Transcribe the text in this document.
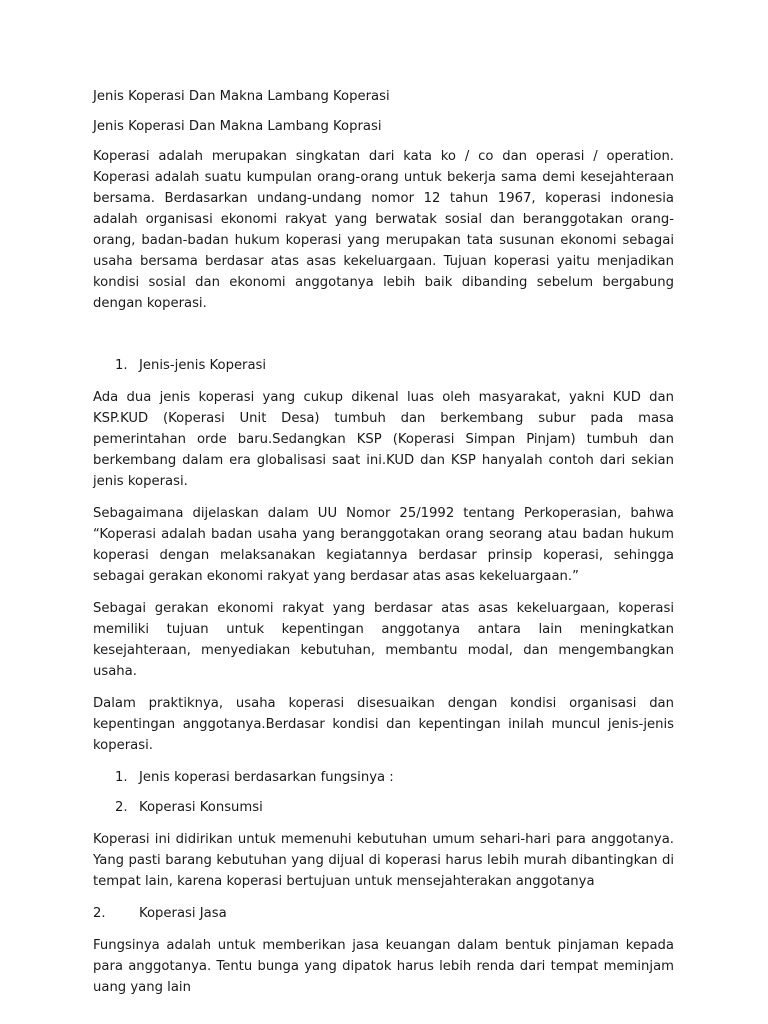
Jenis Koperasi Dan Makna Lambang Koperasi

Jenis Koperasi Dan Makna Lambang Koprasi

Koperasi adalah merupakan singkatan dari kata ko / co dan operasi / operation. Koperasi adalah suatu kumpulan orang-orang untuk bekerja sama demi kesejahteraan bersama. Berdasarkan undang-undang nomor 12 tahun 1967, koperasi indonesia adalah organisasi ekonomi rakyat yang berwatak sosial dan beranggotakan orang-orang, badan-badan hukum koperasi yang merupakan tata susunan ekonomi sebagai usaha bersama berdasar atas asas kekeluargaan. Tujuan koperasi yaitu menjadikan kondisi sosial dan ekonomi anggotanya lebih baik dibanding sebelum bergabung dengan koperasi.

1. Jenis-jenis Koperasi

Ada dua jenis koperasi yang cukup dikenal luas oleh masyarakat, yakni KUD dan KSP.KUD (Koperasi Unit Desa) tumbuh dan berkembang subur pada masa pemerintahan orde baru.Sedangkan KSP (Koperasi Simpan Pinjam) tumbuh dan berkembang dalam era globalisasi saat ini.KUD dan KSP hanyalah contoh dari sekian jenis koperasi.

Sebagaimana dijelaskan dalam UU Nomor 25/1992 tentang Perkoperasian, bahwa “Koperasi adalah badan usaha yang beranggotakan orang seorang atau badan hukum koperasi dengan melaksanakan kegiatannya berdasar prinsip koperasi, sehingga sebagai gerakan ekonomi rakyat yang berdasar atas asas kekeluargaan.”

Sebagai gerakan ekonomi rakyat yang berdasar atas asas kekeluargaan, koperasi memiliki tujuan untuk kepentingan anggotanya antara lain meningkatkan kesejahteraan, menyediakan kebutuhan, membantu modal, dan mengembangkan usaha.

Dalam praktiknya, usaha koperasi disesuaikan dengan kondisi organisasi dan kepentingan anggotanya.Berdasar kondisi dan kepentingan inilah muncul jenis-jenis koperasi.

1. Jenis koperasi berdasarkan fungsinya :
2. Koperasi Konsumsi

Koperasi ini didirikan untuk memenuhi kebutuhan umum sehari-hari para anggotanya. Yang pasti barang kebutuhan yang dijual di koperasi harus lebih murah dibantingkan di tempat lain, karena koperasi bertujuan untuk mensejahterakan anggotanya

2.	Koperasi Jasa

Fungsinya adalah untuk memberikan jasa keuangan dalam bentuk pinjaman kepada para anggotanya. Tentu bunga yang dipatok harus lebih renda dari tempat meminjam uang yang lain
